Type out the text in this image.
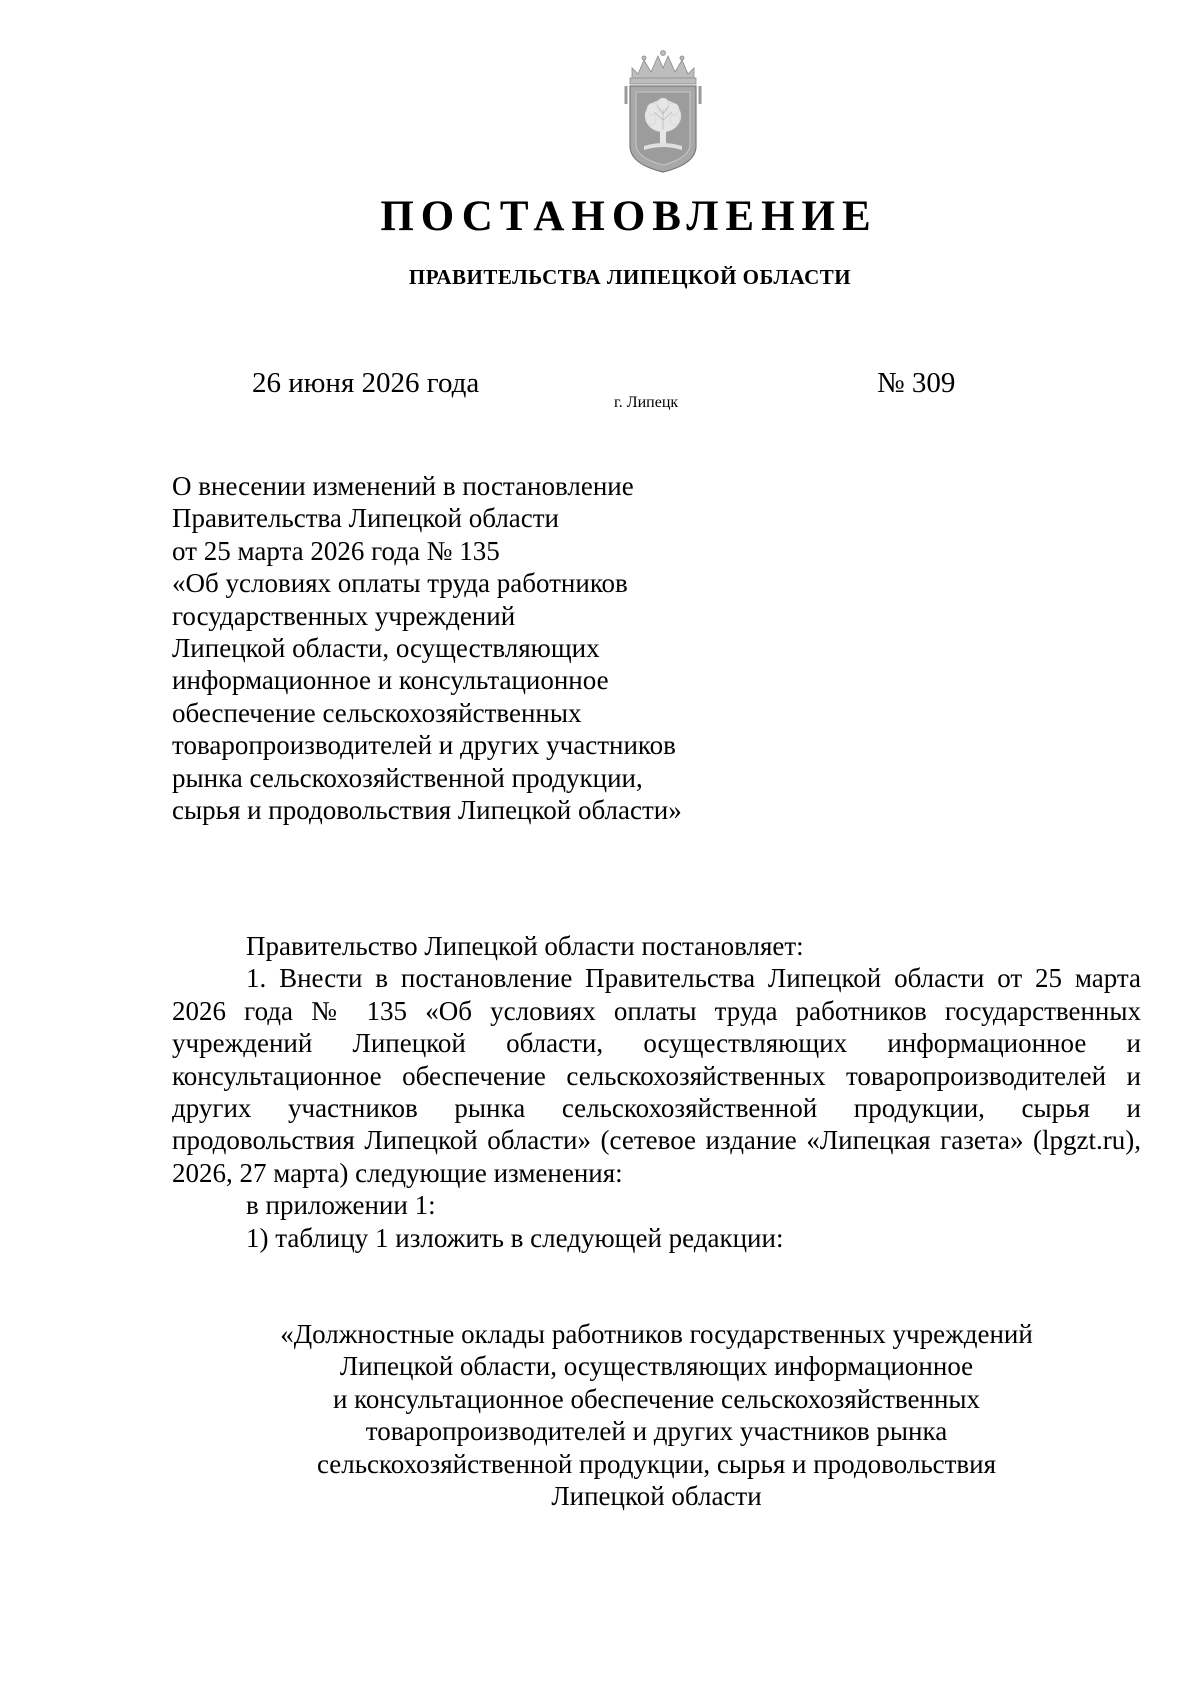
ПОСТАНОВЛЕНИЕ
ПРАВИТЕЛЬСТВА ЛИПЕЦКОЙ ОБЛАСТИ
26 июня 2026 года
г. Липецк
№ 309
О внесении изменений в постановление
Правительства Липецкой области
от 25 марта 2026 года № 135
«Об условиях оплаты труда работников
государственных учреждений
Липецкой области, осуществляющих
информационное и консультационное
обеспечение сельскохозяйственных
товаропроизводителей и других участников
рынка сельскохозяйственной продукции,
сырья и продовольствия Липецкой области»

Правительство Липецкой области постановляет:

1. Внести в постановление Правительства Липецкой области от 25 марта 2026 года № 135 «Об условиях оплаты труда работников государственных учреждений Липецкой области, осуществляющих информационное и консультационное обеспечение сельскохозяйственных товаропроизводителей и других участников рынка сельскохозяйственной продукции, сырья и продовольствия Липецкой области» (сетевое издание «Липецкая газета» (lpgzt.ru), 2026, 27 марта) следующие изменения:

в приложении 1:

1) таблицу 1 изложить в следующей редакции:

«Должностные оклады работников государственных учреждений
Липецкой области, осуществляющих информационное
и консультационное обеспечение сельскохозяйственных
товаропроизводителей и других участников рынка
сельскохозяйственной продукции, сырья и продовольствия
Липецкой области
